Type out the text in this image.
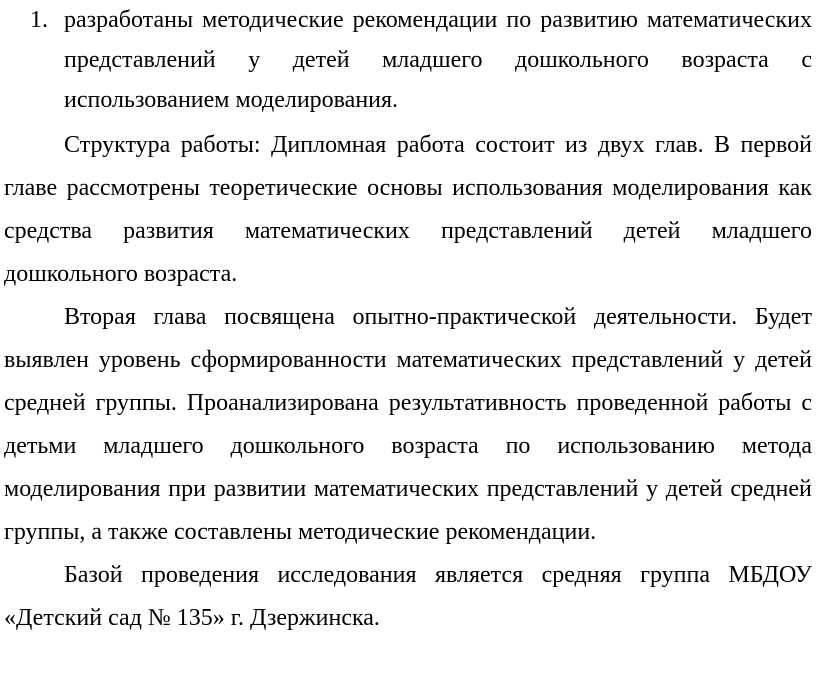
1. разработаны методические рекомендации по развитию математических
представлений у детей младшего дошкольного возраста с
использованием моделирования.
Структура работы: Дипломная работа состоит из двух глав. В первой
главе рассмотрены теоретические основы использования моделирования как
средства развития математических представлений детей младшего
дошкольного возраста.
Вторая глава посвящена опытно-практической деятельности. Будет
выявлен уровень сформированности математических представлений у детей
средней группы. Проанализирована результативность проведенной работы с
детьми младшего дошкольного возраста по использованию метода
моделирования при развитии математических представлений у детей средней
группы, а также составлены методические рекомендации.
Базой проведения исследования является средняя группа МБДОУ
«Детский сад № 135» г. Дзержинска.
